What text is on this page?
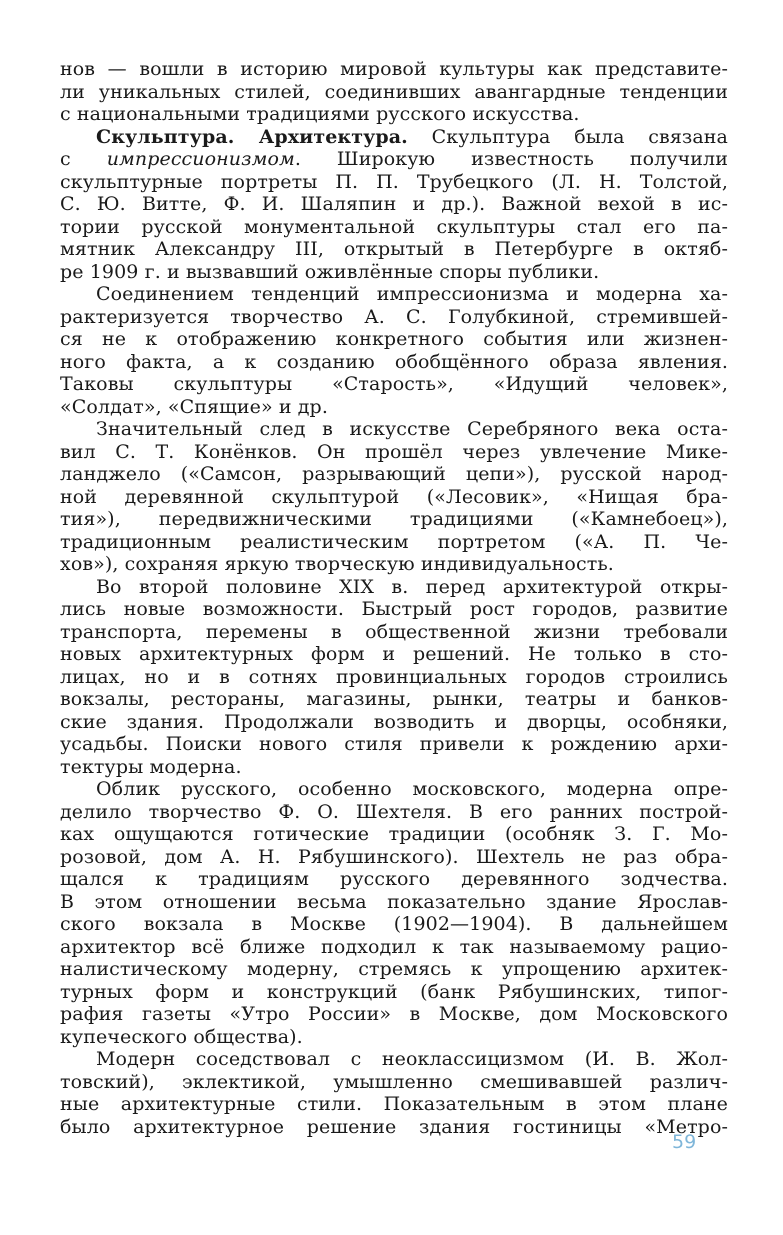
нов — вошли в историю мировой культуры как представите-
ли уникальных стилей, соединивших авангардные тенденции
с национальными традициями русского искусства.
Скульптура. Архитектура. Скульптура была связана
с импрессионизмом. Широкую известность получили
скульптурные портреты П. П. Трубецкого (Л. Н. Толстой,
С. Ю. Витте, Ф. И. Шаляпин и др.). Важной вехой в ис-
тории русской монументальной скульптуры стал его па-
мятник Александру III, открытый в Петербурге в октяб-
ре 1909 г. и вызвавший оживлённые споры публики.
Соединением тенденций импрессионизма и модерна ха-
рактеризуется творчество А. С. Голубкиной, стремившей-
ся не к отображению конкретного события или жизнен-
ного факта, а к созданию обобщённого образа явления.
Таковы скульптуры «Старость», «Идущий человек»,
«Солдат», «Спящие» и др.
Значительный след в искусстве Серебряного века оста-
вил С. Т. Конёнков. Он прошёл через увлечение Мике-
ланджело («Самсон, разрывающий цепи»), русской народ-
ной деревянной скульптурой («Лесовик», «Нищая бра-
тия»), передвижническими традициями («Камнебоец»),
традиционным реалистическим портретом («А. П. Че-
хов»), сохраняя яркую творческую индивидуальность.
Во второй половине XIX в. перед архитектурой откры-
лись новые возможности. Быстрый рост городов, развитие
транспорта, перемены в общественной жизни требовали
новых архитектурных форм и решений. Не только в сто-
лицах, но и в сотнях провинциальных городов строились
вокзалы, рестораны, магазины, рынки, театры и банков-
ские здания. Продолжали возводить и дворцы, особняки,
усадьбы. Поиски нового стиля привели к рождению архи-
тектуры модерна.
Облик русского, особенно московского, модерна опре-
делило творчество Ф. О. Шехтеля. В его ранних построй-
ках ощущаются готические традиции (особняк З. Г. Мо-
розовой, дом А. Н. Рябушинского). Шехтель не раз обра-
щался к традициям русского деревянного зодчества.
В этом отношении весьма показательно здание Ярослав-
ского вокзала в Москве (1902—1904). В дальнейшем
архитектор всё ближе подходил к так называемому рацио-
налистическому модерну, стремясь к упрощению архитек-
турных форм и конструкций (банк Рябушинских, типог-
рафия газеты «Утро России» в Москве, дом Московского
купеческого общества).
Модерн соседствовал с неоклассицизмом (И. В. Жол-
товский), эклектикой, умышленно смешивавшей различ-
ные архитектурные стили. Показательным в этом плане
было архитектурное решение здания гостиницы «Метро-
59
